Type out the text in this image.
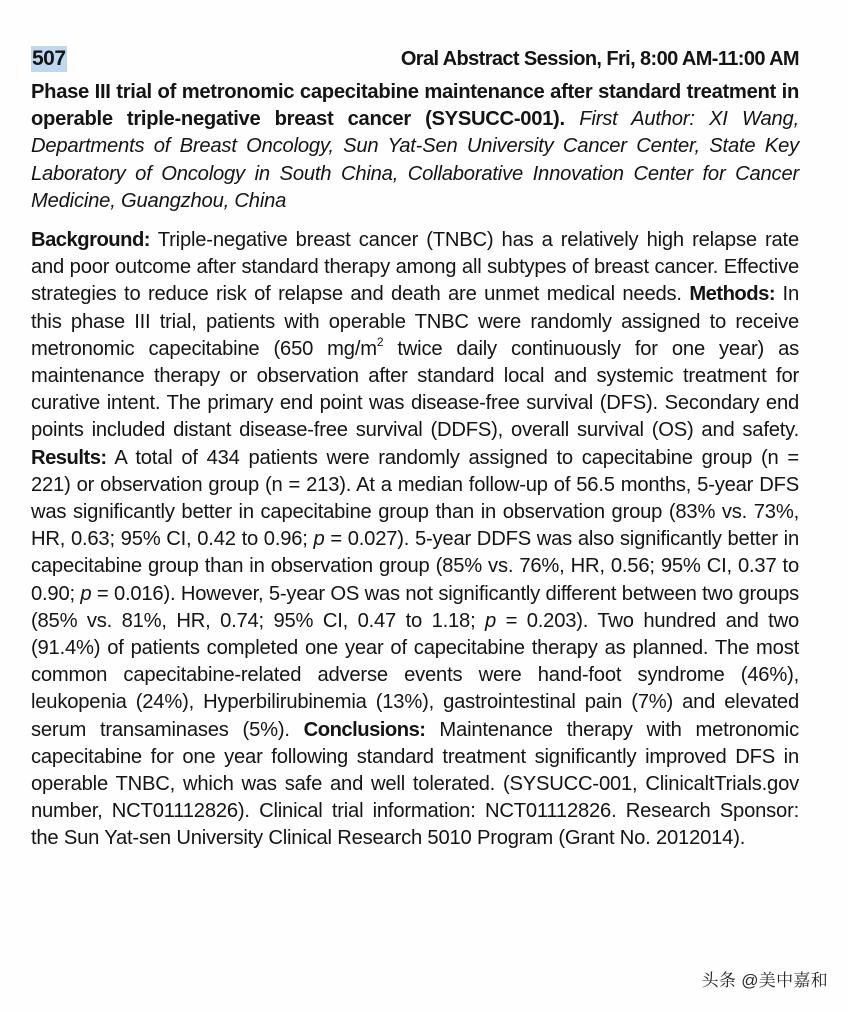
507	Oral Abstract Session, Fri, 8:00 AM-11:00 AM
Phase III trial of metronomic capecitabine maintenance after standard treatment in operable triple-negative breast cancer (SYSUCC-001). First Author: XI Wang, Departments of Breast Oncology, Sun Yat-Sen University Cancer Center, State Key Laboratory of Oncology in South China, Collaborative Innovation Center for Cancer Medicine, Guangzhou, China
Background: Triple-negative breast cancer (TNBC) has a relatively high relapse rate and poor outcome after standard therapy among all subtypes of breast cancer. Effective strategies to reduce risk of relapse and death are unmet medical needs. Methods: In this phase III trial, patients with operable TNBC were randomly assigned to receive metronomic capecitabine (650 $mg/m^2$ twice daily continuously for one year) as maintenance therapy or observation after standard local and systemic treatment for curative intent. The primary end point was disease-free survival (DFS). Secondary end points included distant disease-free survival (DDFS), overall survival (OS) and safety. Results: A total of 434 patients were randomly assigned to capecitabine group (n = 221) or observation group (n = 213). At a median follow-up of 56.5 months, 5-year DFS was significantly better in capecitabine group than in observation group (83% vs. 73%, HR, 0.63; 95% CI, 0.42 to 0.96; p = 0.027). 5-year DDFS was also significantly better in capecitabine group than in observation group (85% vs. 76%, HR, 0.56; 95% CI, 0.37 to 0.90; p = 0.016). However, 5-year OS was not significantly different between two groups (85% vs. 81%, HR, 0.74; 95% CI, 0.47 to 1.18; p = 0.203). Two hundred and two (91.4%) of patients completed one year of capecitabine therapy as planned. The most common capecitabine-related adverse events were hand-foot syndrome (46%), leukopenia (24%), Hyperbilirubinemia (13%), gastrointestinal pain (7%) and elevated serum transaminases (5%). Conclusions: Maintenance therapy with metronomic capecitabine for one year following standard treatment significantly improved DFS in operable TNBC, which was safe and well tolerated. (SYSUCC-001, ClinicaltTrials.gov number, NCT01112826). Clinical trial information: NCT01112826. Research Sponsor: the Sun Yat-sen University Clinical Research 5010 Program (Grant No. 2012014).
头条 @美中嘉和
